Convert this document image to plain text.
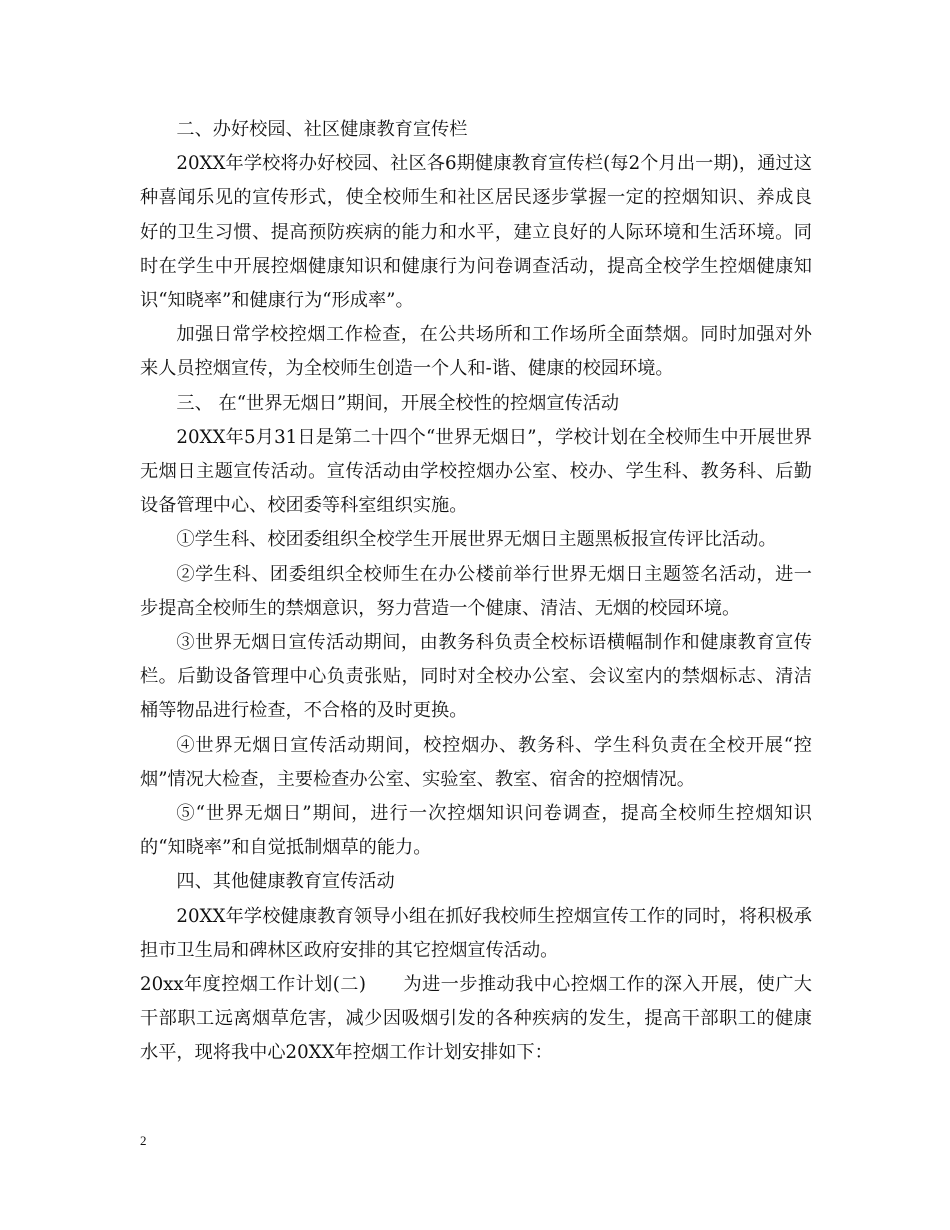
二、办好校园、社区健康教育宣传栏

20XX年学校将办好校园、社区各6期健康教育宣传栏(每2个月出一期)，通过这种喜闻乐见的宣传形式，使全校师生和社区居民逐步掌握一定的控烟知识、养成良好的卫生习惯、提高预防疾病的能力和水平，建立良好的人际环境和生活环境。同时在学生中开展控烟健康知识和健康行为问卷调查活动，提高全校学生控烟健康知识“知晓率”和健康行为“形成率”。

加强日常学校控烟工作检查，在公共场所和工作场所全面禁烟。同时加强对外来人员控烟宣传，为全校师生创造一个人和-谐、健康的校园环境。

三、 在“世界无烟日”期间，开展全校性的控烟宣传活动

20XX年5月31日是第二十四个“世界无烟日”，学校计划在全校师生中开展世界无烟日主题宣传活动。宣传活动由学校控烟办公室、校办、学生科、教务科、后勤设备管理中心、校团委等科室组织实施。

①学生科、校团委组织全校学生开展世界无烟日主题黑板报宣传评比活动。

②学生科、团委组织全校师生在办公楼前举行世界无烟日主题签名活动，进一步提高全校师生的禁烟意识，努力营造一个健康、清洁、无烟的校园环境。

③世界无烟日宣传活动期间，由教务科负责全校标语横幅制作和健康教育宣传栏。后勤设备管理中心负责张贴，同时对全校办公室、会议室内的禁烟标志、清洁桶等物品进行检查，不合格的及时更换。

④世界无烟日宣传活动期间，校控烟办、教务科、学生科负责在全校开展“控烟”情况大检查，主要检查办公室、实验室、教室、宿舍的控烟情况。

⑤“世界无烟日”期间，进行一次控烟知识问卷调查，提高全校师生控烟知识的“知晓率”和自觉抵制烟草的能力。

四、其他健康教育宣传活动

20XX年学校健康教育领导小组在抓好我校师生控烟宣传工作的同时，将积极承担市卫生局和碑林区政府安排的其它控烟宣传活动。

20xx年度控烟工作计划(二)　　为进一步推动我中心控烟工作的深入开展，使广大干部职工远离烟草危害，减少因吸烟引发的各种疾病的发生，提高干部职工的健康水平，现将我中心20XX年控烟工作计划安排如下：

2
